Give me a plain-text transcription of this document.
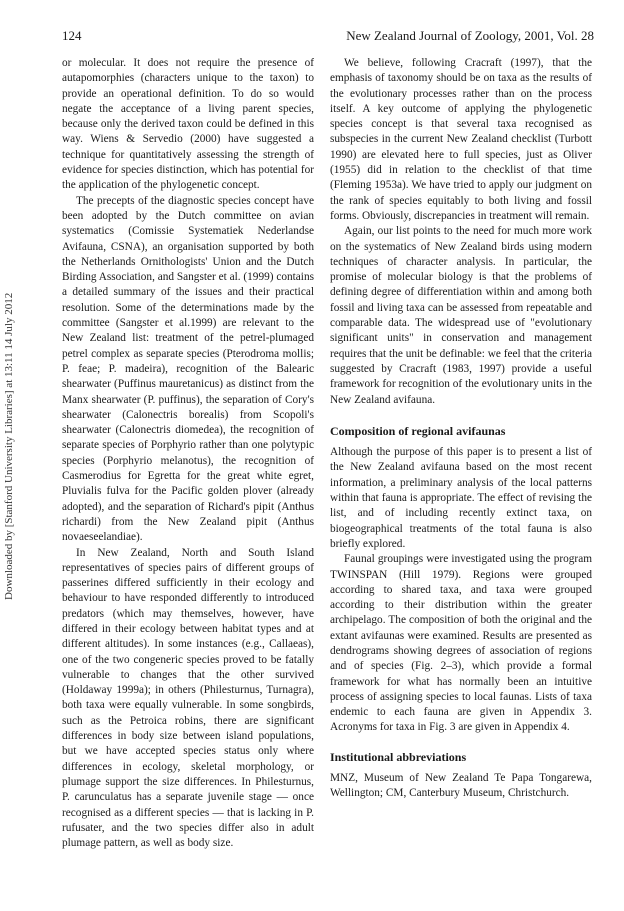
124	New Zealand Journal of Zoology, 2001, Vol. 28
Downloaded by [Stanford University Libraries] at 13:11 14 July 2012

or molecular. It does not require the presence of autapomorphies (characters unique to the taxon) to provide an operational definition. To do so would negate the acceptance of a living parent species, because only the derived taxon could be defined in this way. Wiens & Servedio (2000) have suggested a technique for quantitatively assessing the strength of evidence for species distinction, which has potential for the application of the phylogenetic concept.

The precepts of the diagnostic species concept have been adopted by the Dutch committee on avian systematics (Comissie Systematiek Nederlandse Avifauna, CSNA), an organisation supported by both the Netherlands Ornithologists' Union and the Dutch Birding Association, and Sangster et al. (1999) contains a detailed summary of the issues and their practical resolution. Some of the determinations made by the committee (Sangster et al.1999) are relevant to the New Zealand list: treatment of the petrel-plumaged petrel complex as separate species (Pterodroma mollis; P. feae; P. madeira), recognition of the Balearic shearwater (Puffinus mauretanicus) as distinct from the Manx shearwater (P. puffinus), the separation of Cory's shearwater (Calonectris borealis) from Scopoli's shearwater (Calonectris diomedea), the recognition of separate species of Porphyrio rather than one polytypic species (Porphyrio melanotus), the recognition of Casmerodius for Egretta for the great white egret, Pluvialis fulva for the Pacific golden plover (already adopted), and the separation of Richard's pipit (Anthus richardi) from the New Zealand pipit (Anthus novaeseelandiae).

In New Zealand, North and South Island representatives of species pairs of different groups of passerines differed sufficiently in their ecology and behaviour to have responded differently to introduced predators (which may themselves, however, have differed in their ecology between habitat types and at different altitudes). In some instances (e.g., Callaeas), one of the two congeneric species proved to be fatally vulnerable to changes that the other survived (Holdaway 1999a); in others (Philesturnus, Turnagra), both taxa were equally vulnerable. In some songbirds, such as the Petroica robins, there are significant differences in body size between island populations, but we have accepted species status only where differences in ecology, skeletal morphology, or plumage support the size differences. In Philesturnus, P. carunculatus has a separate juvenile stage — once recognised as a different species — that is lacking in P. rufusater, and the two species differ also in adult plumage pattern, as well as body size.

We believe, following Cracraft (1997), that the emphasis of taxonomy should be on taxa as the results of the evolutionary processes rather than on the process itself. A key outcome of applying the phylogenetic species concept is that several taxa recognised as subspecies in the current New Zealand checklist (Turbott 1990) are elevated here to full species, just as Oliver (1955) did in relation to the checklist of that time (Fleming 1953a). We have tried to apply our judgment on the rank of species equitably to both living and fossil forms. Obviously, discrepancies in treatment will remain.

Again, our list points to the need for much more work on the systematics of New Zealand birds using modern techniques of character analysis. In particular, the promise of molecular biology is that the problems of defining degree of differentiation within and among both fossil and living taxa can be assessed from repeatable and comparable data. The widespread use of "evolutionary significant units" in conservation and management requires that the unit be definable: we feel that the criteria suggested by Cracraft (1983, 1997) provide a useful framework for recognition of the evolutionary units in the New Zealand avifauna.

Composition of regional avifaunas

Although the purpose of this paper is to present a list of the New Zealand avifauna based on the most recent information, a preliminary analysis of the local patterns within that fauna is appropriate. The effect of revising the list, and of including recently extinct taxa, on biogeographical treatments of the total fauna is also briefly explored.

Faunal groupings were investigated using the program TWINSPAN (Hill 1979). Regions were grouped according to shared taxa, and taxa were grouped according to their distribution within the greater archipelago. The composition of both the original and the extant avifaunas were examined. Results are presented as dendrograms showing degrees of association of regions and of species (Fig. 2–3), which provide a formal framework for what has normally been an intuitive process of assigning species to local faunas. Lists of taxa endemic to each fauna are given in Appendix 3. Acronyms for taxa in Fig. 3 are given in Appendix 4.

Institutional abbreviations

MNZ, Museum of New Zealand Te Papa Tongarewa, Wellington; CM, Canterbury Museum, Christchurch.
